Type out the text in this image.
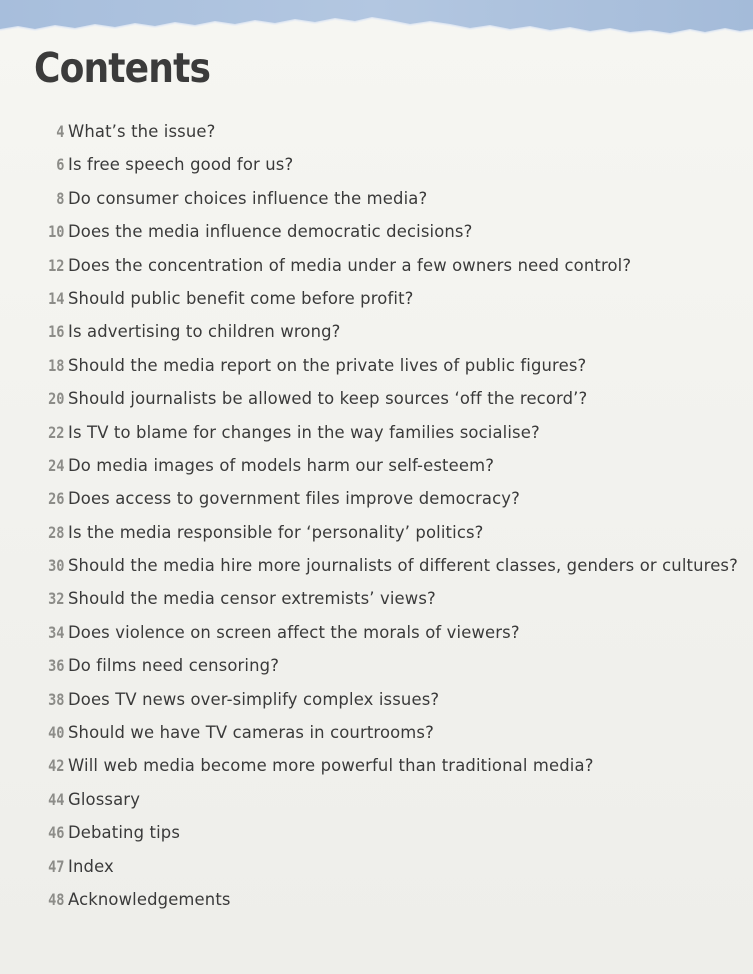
Contents
4 What’s the issue?
6 Is free speech good for us?
8 Do consumer choices influence the media?
10 Does the media influence democratic decisions?
12 Does the concentration of media under a few owners need control?
14 Should public benefit come before profit?
16 Is advertising to children wrong?
18 Should the media report on the private lives of public figures?
20 Should journalists be allowed to keep sources ‘off the record’?
22 Is TV to blame for changes in the way families socialise?
24 Do media images of models harm our self-esteem?
26 Does access to government files improve democracy?
28 Is the media responsible for ‘personality’ politics?
30 Should the media hire more journalists of different classes, genders or cultures?
32 Should the media censor extremists’ views?
34 Does violence on screen affect the morals of viewers?
36 Do films need censoring?
38 Does TV news over-simplify complex issues?
40 Should we have TV cameras in courtrooms?
42 Will web media become more powerful than traditional media?
44 Glossary
46 Debating tips
47 Index
48 Acknowledgements
